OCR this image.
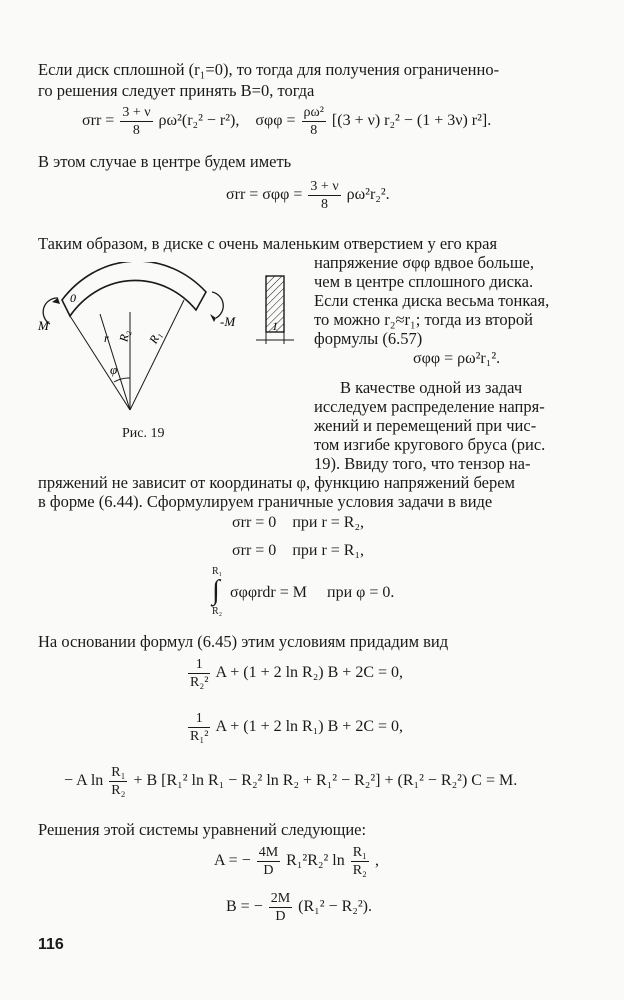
Если диск сплошной (r₁=0), то тогда для получения ограниченно-
го решения следует принять B=0, тогда
$\sigma rr = \frac{3 + \nu}{8} \rho\omega^2(r_2^2 - r^2)$, $\sigma\varphi\varphi = \frac{\text{ρω²}}{8} [(3 + \nu) r_2^2 - (1 + 3\nu)$ r²].
В этом случае в центре будем иметь
$\sigma rr = \sigma\varphi\varphi = \frac{3 + \nu}{8} \rho\omega^2r_2^2$.
Таким образом, в диске с очень маленьким отверстием у его края
напряжение σφφ вдвое больше,
чем в центре сплошного диска.
Если стенка диска весьма тонкая,
то можно r₂≈r₁; тогда из второй
формулы (6.57)
σφφ = ρω²r₁².
0
M	-M
r R₂ R₁
φ
1
Рис. 19
В качестве одной из задач
исследуем распределение напря-
жений и перемещений при чис-
том изгибе кругового бруса (рис.
19). Ввиду того, что тензор на-
пряжений не зависит от координаты φ, функцию напряжений берем
в форме (6.44). Сформулируем граничные условия задачи в виде
σrr = 0 при r = R₂,
σrr = 0 при r = R₁,
R₁
∫
R₂
σφφrdr = M при φ = 0.
На основании формул (6.45) этим условиям придадим вид
$\frac{1}{\text{R₂²}}$ A + (1 + 2 ln R₂) B + 2C = 0,
$\frac{1}{\text{R₁²}}$ A + (1 + 2 ln R₁) B + 2C = 0,
− A $\ln \frac{\text{R₁}}{\text{R₂}} + B$ [R₁² ln R₁ − R₂² ln R₂ + R₁² − R₂²] + (R₁² − R₂²) C = M.
Решения этой системы уравнений следующие:
A = − $\frac{4M}{D} R_1^2R_2^2$ $\ln \frac{\text{R₁}}{\text{R₂}}$ ,
B = − $\frac{2M}{D} (R_1^2 - R_2^2)$.
116
